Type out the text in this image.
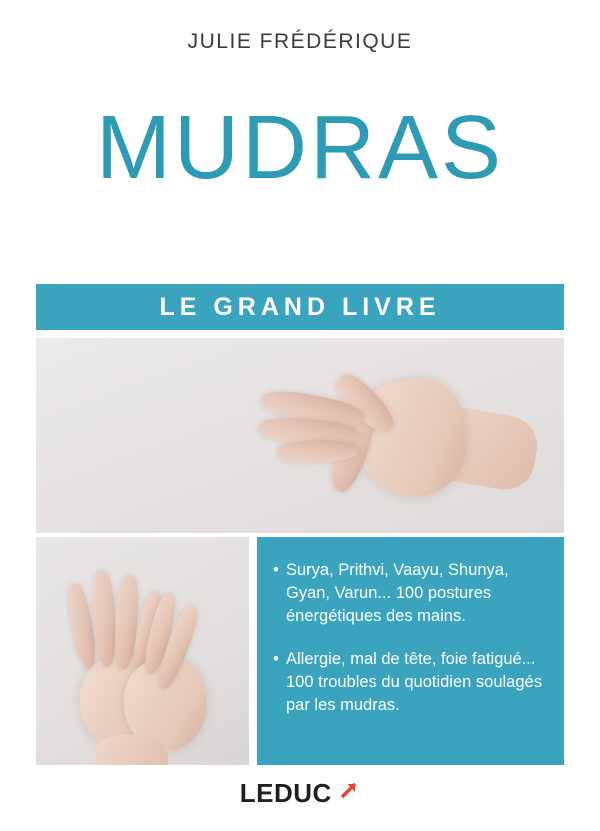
JULIE FRÉDÉRIQUE
MUDRAS
LE GRAND LIVRE
• Surya, Prithvi, Vaayu, Shunya, Gyan, Varun... 100 postures énergétiques des mains.
• Allergie, mal de tête, foie fatigué... 100 troubles du quotidien soulagés par les mudras.
LEDUC
